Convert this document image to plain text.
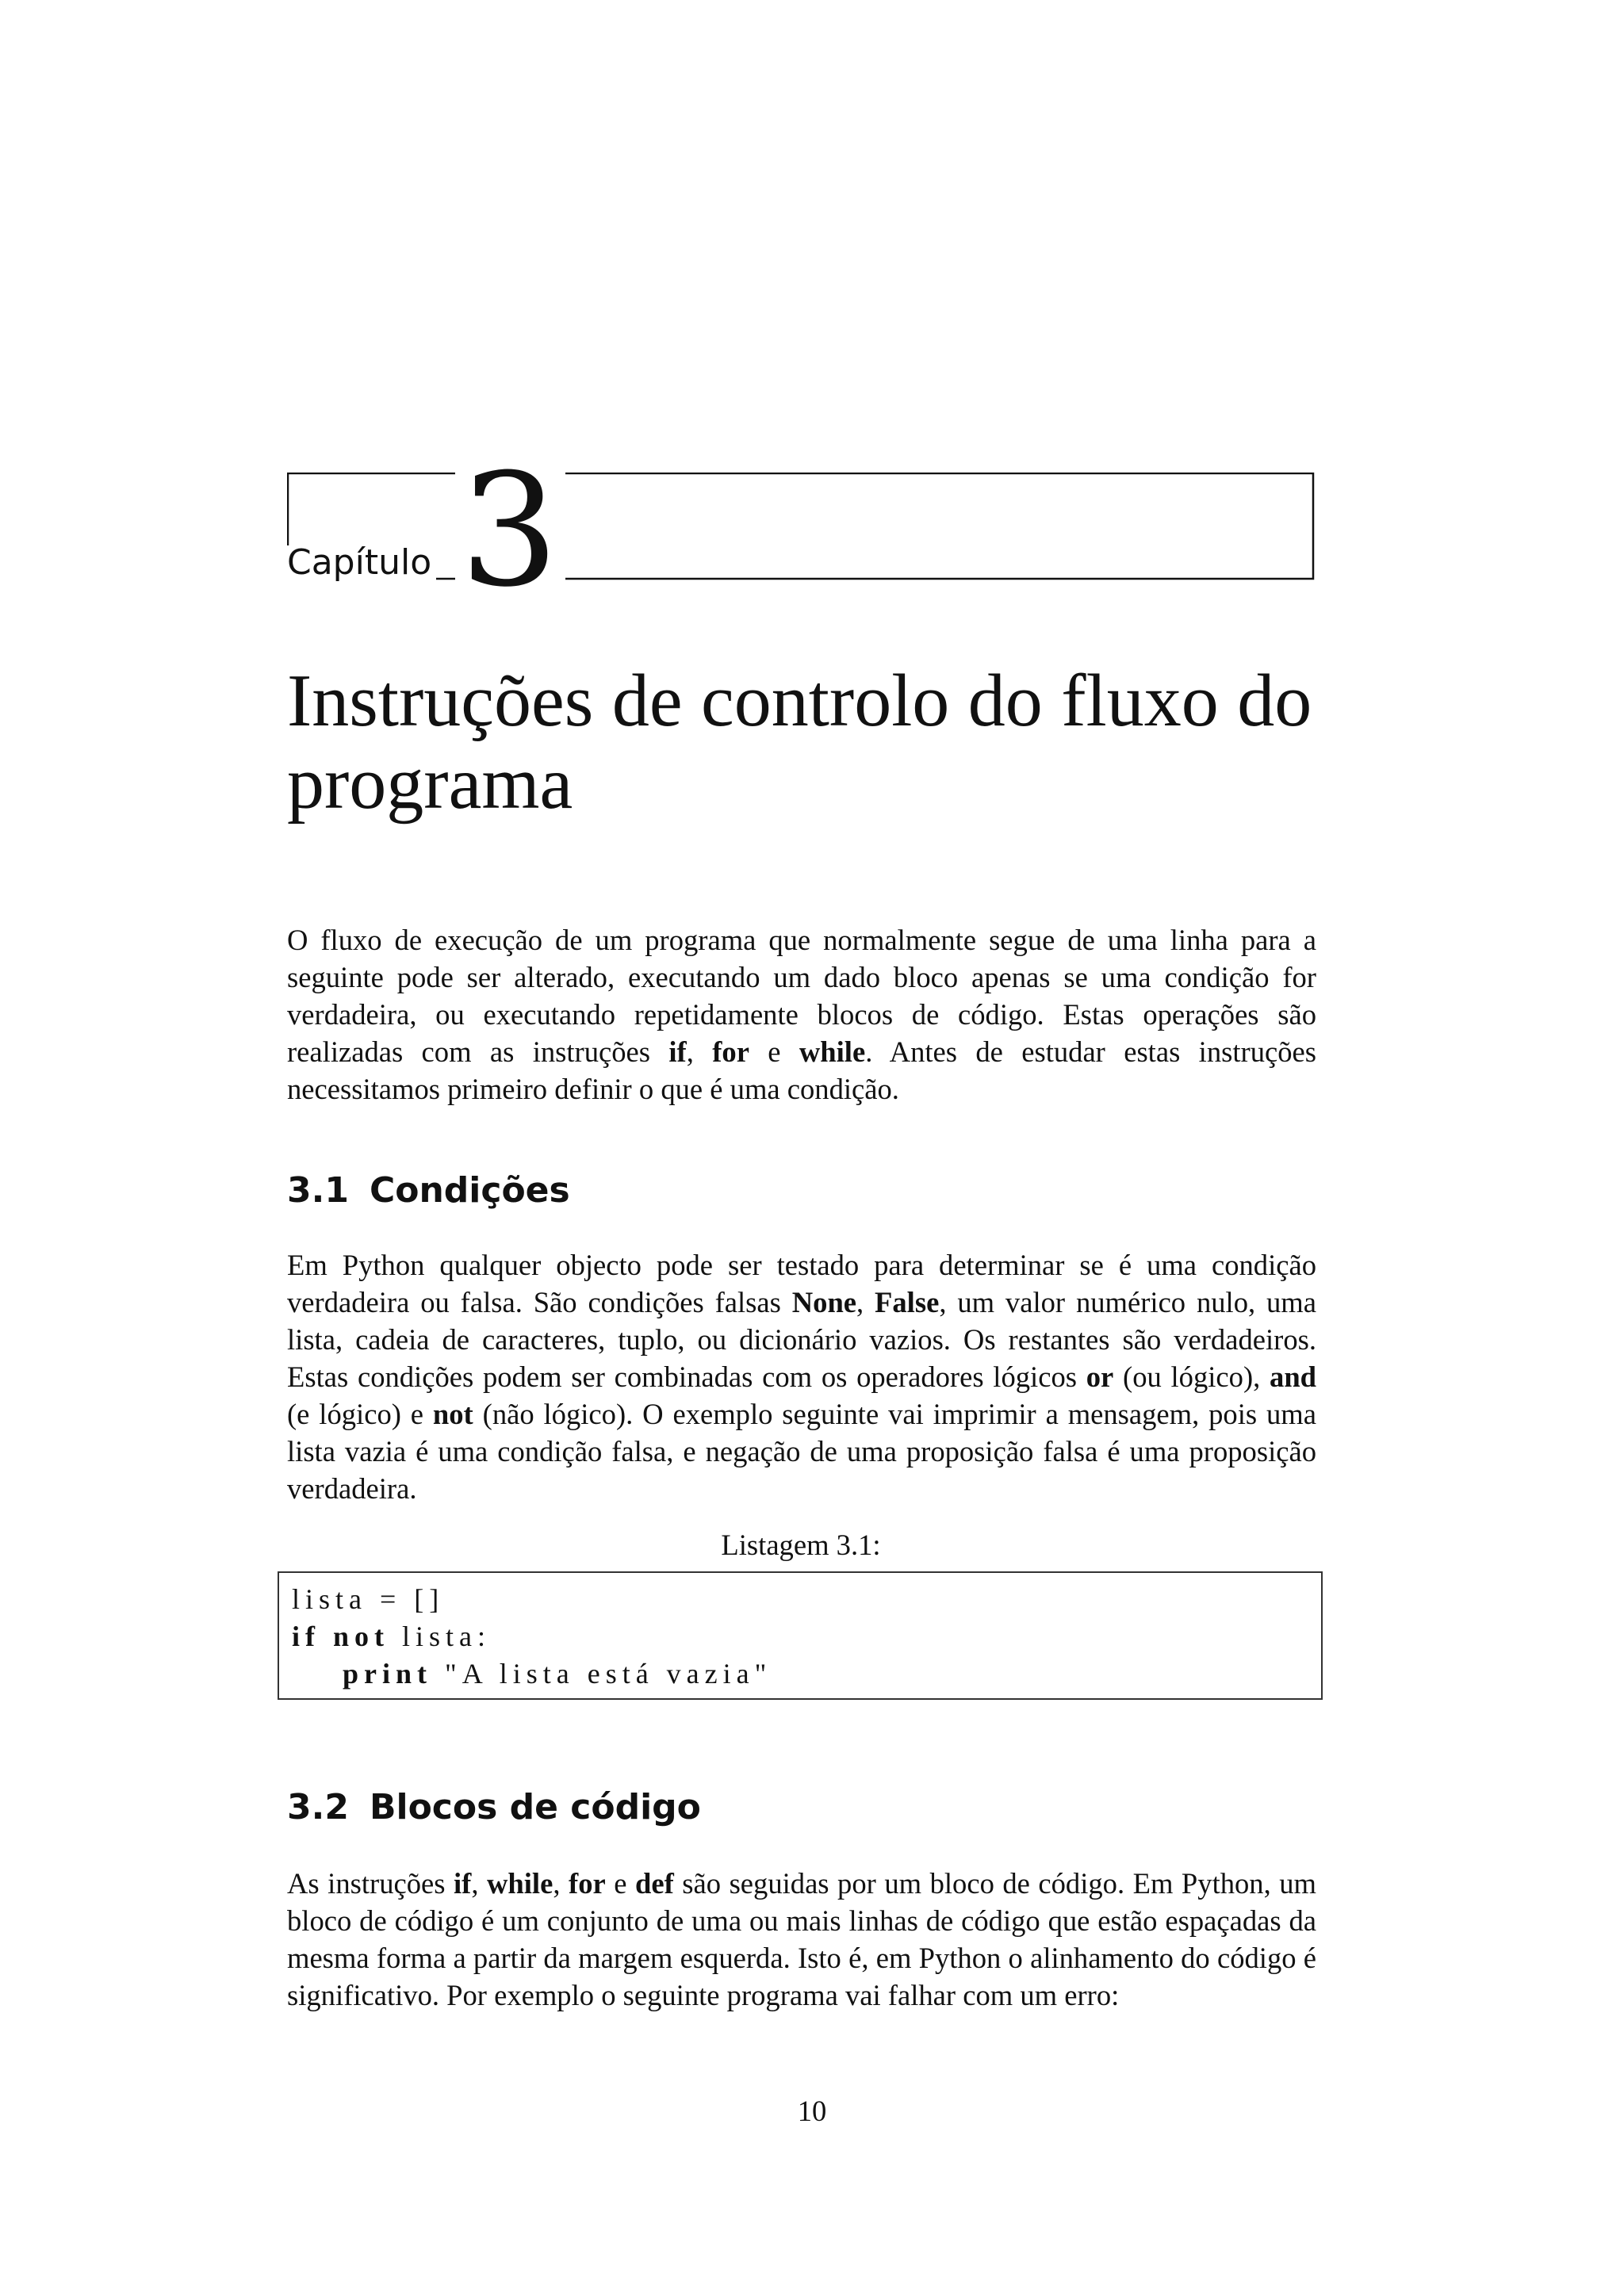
Capítulo 3
Instruções de controlo do fluxo do programa

O fluxo de execução de um programa que normalmente segue de uma linha para a seguinte pode ser alterado, executando um dado bloco apenas se uma condição for verdadeira, ou executando repetidamente blocos de código. Estas operações são realizadas com as instruções if, for e while. Antes de estudar estas instruções necessitamos primeiro definir o que é uma condição.

3.1 Condições

Em Python qualquer objecto pode ser testado para determinar se é uma condição verdadeira ou falsa. São condições falsas None, False, um valor numérico nulo, uma lista, cadeia de caracteres, tuplo, ou dicionário vazios. Os restantes são verdadeiros. Estas condições podem ser combinadas com os operadores lógicos or (ou lógico), and (e lógico) e not (não lógico). O exemplo seguinte vai imprimir a mensagem, pois uma lista vazia é uma condição falsa, e negação de uma proposição falsa é uma proposição verdadeira.

Listagem 3.1:
lista = []
if not lista:
print "A lista está vazia"
3.2 Blocos de código

As instruções if, while, for e def são seguidas por um bloco de código. Em Python, um bloco de código é um conjunto de uma ou mais linhas de código que estão espaçadas da mesma forma a partir da margem esquerda. Isto é, em Python o alinhamento do código é significativo. Por exemplo o seguinte programa vai falhar com um erro:

10
